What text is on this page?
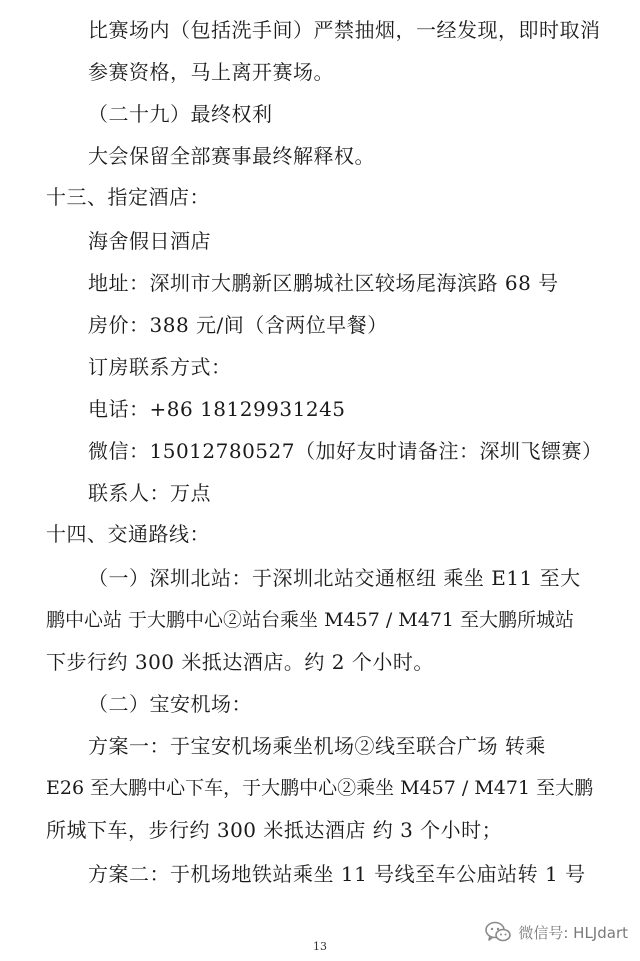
比赛场内（包括洗手间）严禁抽烟，一经发现，即时取消
参赛资格，马上离开赛场。
（二十九）最终权利
大会保留全部赛事最终解释权。
十三、指定酒店：
海舍假日酒店
地址：深圳市大鹏新区鹏城社区较场尾海滨路 68 号
房价：388 元/间（含两位早餐）
订房联系方式：
电话：+86 18129931245
微信：15012780527（加好友时请备注：深圳飞镖赛）
联系人：万点
十四、交通路线：
（一）深圳北站：于深圳北站交通枢纽 乘坐 E11 至大
鹏中心站 于大鹏中心②站台乘坐 M457 / M471 至大鹏所城站
下步行约 300 米抵达酒店。约 2 个小时。
（二）宝安机场：
方案一：于宝安机场乘坐机场②线至联合广场 转乘
E26 至大鹏中心下车，于大鹏中心②乘坐 M457 / M471 至大鹏
所城下车，步行约 300 米抵达酒店 约 3 个小时；
方案二：于机场地铁站乘坐 11 号线至车公庙站转 1 号
13
微信号: HLJdart
